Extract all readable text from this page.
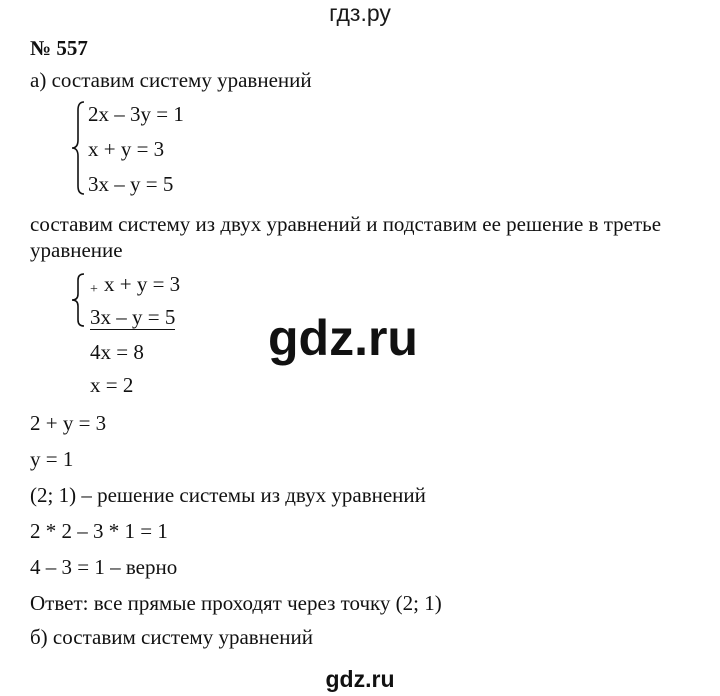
гдз.ру
№ 557
а) составим систему уравнений
2x – 3y = 1
x + y = 3
3x – y = 5
составим систему из двух уравнений и подставим ее решение в третье
уравнение
+ x + y = 3
3x – y = 5
4x = 8
x = 2
2 + y = 3
y = 1
(2; 1) – решение системы из двух уравнений
2 * 2 – 3 * 1 = 1
4 – 3 = 1 – верно
Ответ: все прямые проходят через точку (2; 1)
б) составим систему уравнений
gdz.ru
gdz.ru
